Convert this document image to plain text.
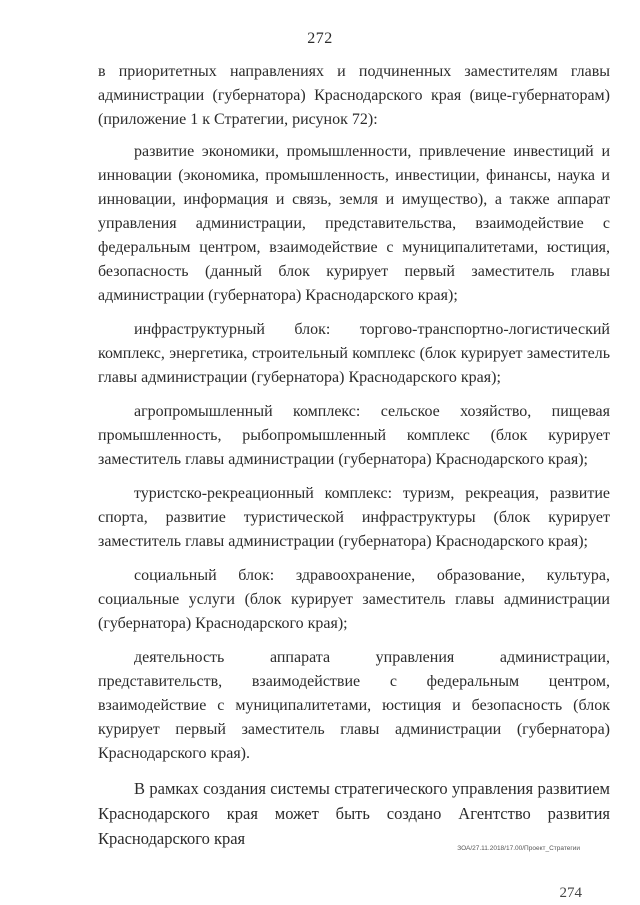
272

в приоритетных направлениях и подчиненных заместителям главы администрации (губернатора) Краснодарского края (вице-губернаторам) (приложение 1 к Стратегии, рисунок 72):

развитие экономики, промышленности, привлечение инвестиций и инновации (экономика, промышленность, инвестиции, финансы, наука и инновации, информация и связь, земля и имущество), а также аппарат управления администрации, представительства, взаимодействие с федеральным центром, взаимодействие с муниципалитетами, юстиция, безопасность (данный блок курирует первый заместитель главы администрации (губернатора) Краснодарского края);

инфраструктурный блок: торгово-транспортно-логистический комплекс, энергетика, строительный комплекс (блок курирует заместитель главы администрации (губернатора) Краснодарского края);

агропромышленный комплекс: сельское хозяйство, пищевая промышленность, рыбопромышленный комплекс (блок курирует заместитель главы администрации (губернатора) Краснодарского края);

туристско-рекреационный комплекс: туризм, рекреация, развитие спорта, развитие туристической инфраструктуры (блок курирует заместитель главы администрации (губернатора) Краснодарского края);

социальный блок: здравоохранение, образование, культура, социальные услуги (блок курирует заместитель главы администрации (губернатора) Краснодарского края);

деятельность аппарата управления администрации, представительств, взаимодействие с федеральным центром, взаимодействие с муниципалитетами, юстиция и безопасность (блок курирует первый заместитель главы администрации (губернатора) Краснодарского края).

В рамках создания системы стратегического управления развитием Краснодарского края может быть создано Агентство развития Краснодарского края

ЗОА/27.11.2018/17.00/Проект_Стратегии
274
